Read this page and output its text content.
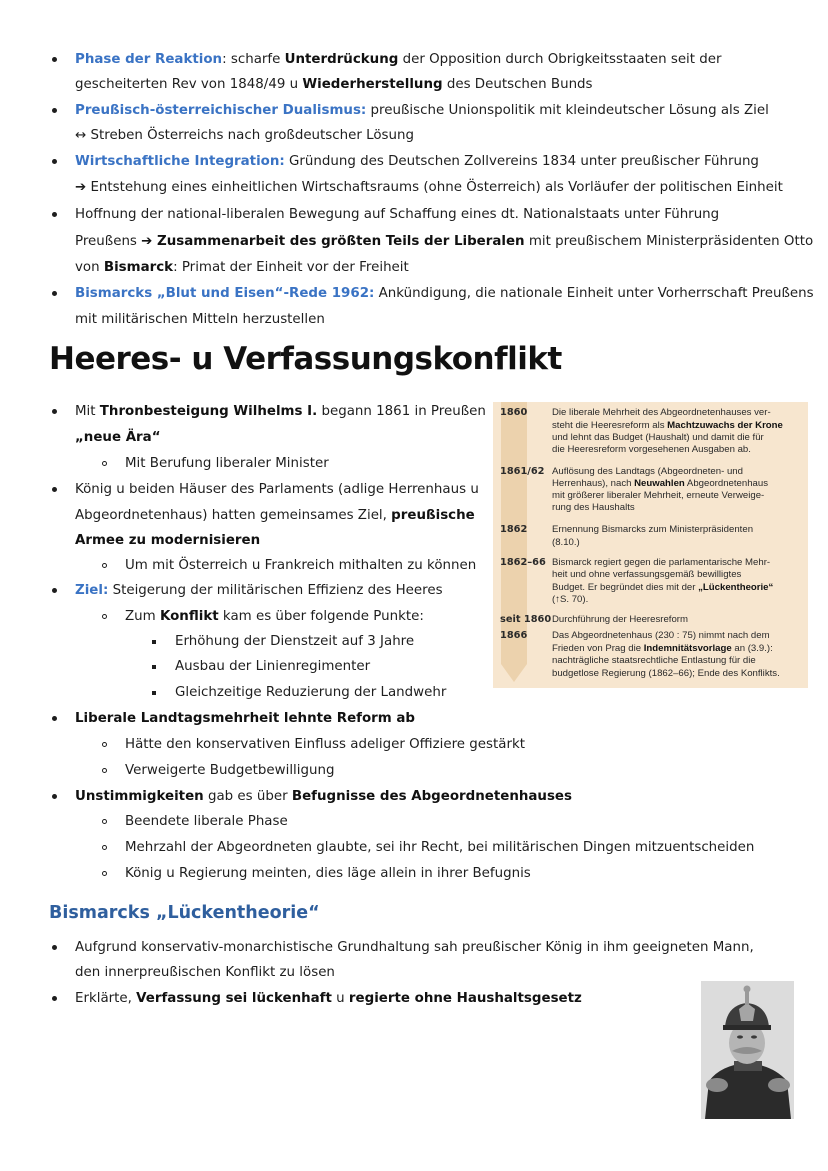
Phase der Reaktion: scharfe Unterdrückung der Opposition durch Obrigkeitsstaaten seit der
gescheiterten Rev von 1848/49 u Wiederherstellung des Deutschen Bunds
Preußisch-österreichischer Dualismus: preußische Unionspolitik mit kleindeutscher Lösung als Ziel
↔ Streben Österreichs nach großdeutscher Lösung
Wirtschaftliche Integration: Gründung des Deutschen Zollvereins 1834 unter preußischer Führung
➔ Entstehung eines einheitlichen Wirtschaftsraums (ohne Österreich) als Vorläufer der politischen Einheit
Hoffnung der national-liberalen Bewegung auf Schaffung eines dt. Nationalstaats unter Führung
Preußens ➔ Zusammenarbeit des größten Teils der Liberalen mit preußischem Ministerpräsidenten Otto
von Bismarck: Primat der Einheit vor der Freiheit
Bismarcks „Blut und Eisen“-Rede 1962: Ankündigung, die nationale Einheit unter Vorherrschaft Preußens
mit militärischen Mitteln herzustellen
Heeres- u Verfassungskonflikt
Mit Thronbesteigung Wilhelms I. begann 1861 in Preußen
„neue Ära“
Mit Berufung liberaler Minister
König u beiden Häuser des Parlaments (adlige Herrenhaus u
Abgeordnetenhaus) hatten gemeinsames Ziel, preußische
Armee zu modernisieren
Um mit Österreich u Frankreich mithalten zu können
Ziel: Steigerung der militärischen Effizienz des Heeres
Zum Konflikt kam es über folgende Punkte:
Erhöhung der Dienstzeit auf 3 Jahre
Ausbau der Linienregimenter
Gleichzeitige Reduzierung der Landwehr
Liberale Landtagsmehrheit lehnte Reform ab
Hätte den konservativen Einfluss adeliger Offiziere gestärkt
Verweigerte Budgetbewilligung
Unstimmigkeiten gab es über Befugnisse des Abgeordnetenhauses
Beendete liberale Phase
Mehrzahl der Abgeordneten glaubte, sei ihr Recht, bei militärischen Dingen mitzuentscheiden
König u Regierung meinten, dies läge allein in ihrer Befugnis
1860	Die liberale Mehrheit des Abgeordnetenhauses ver-
steht die Heeresreform als Machtzuwachs der Krone
und lehnt das Budget (Haushalt) und damit die für
die Heeresreform vorgesehenen Ausgaben ab.
1861/62 Auflösung des Landtags (Abgeordneten- und
Herrenhaus), nach Neuwahlen Abgeordnetenhaus
mit größerer liberaler Mehrheit, erneute Verweige-
rung des Haushalts
1862	Ernennung Bismarcks zum Ministerpräsidenten
(8.10.)
1862–66 Bismarck regiert gegen die parlamentarische Mehr-
heit und ohne verfassungsgemäß bewilligtes
Budget. Er begründet dies mit der „Lückentheorie“
(↑S. 70).
seit 1860 Durchführung der Heeresreform
1866	Das Abgeordnetenhaus (230 : 75) nimmt nach dem
Frieden von Prag die Indemnitätsvorlage an (3.9.):
nachträgliche staatsrechtliche Entlastung für die
budgetlose Regierung (1862–66); Ende des Konflikts.
Bismarcks „Lückentheorie“
Aufgrund konservativ-monarchistische Grundhaltung sah preußischer König in ihm geeigneten Mann,
den innerpreußischen Konflikt zu lösen
Erklärte, Verfassung sei lückenhaft u regierte ohne Haushaltsgesetz
